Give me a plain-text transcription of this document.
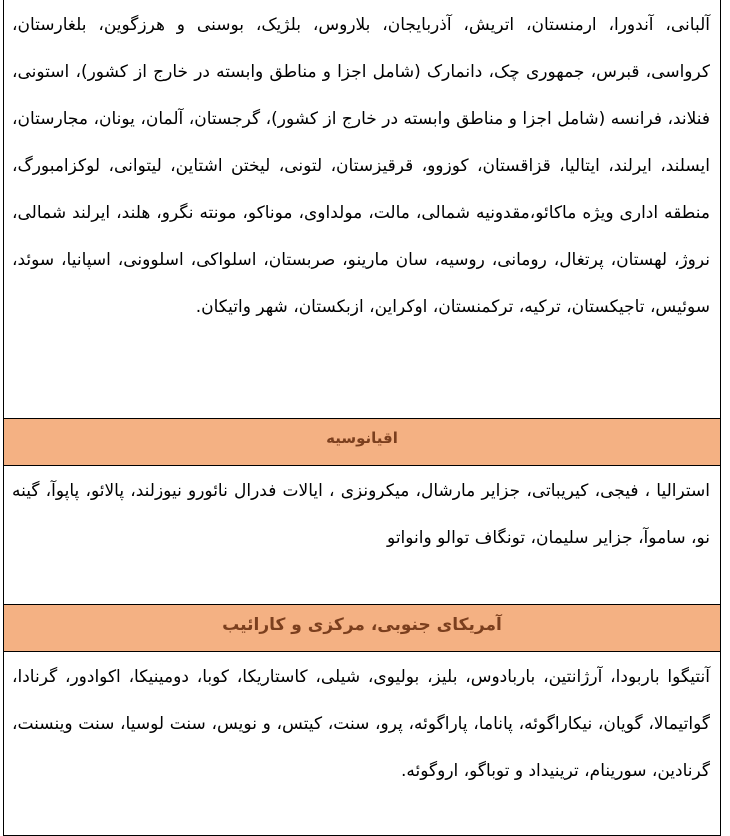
آلبانی، آندورا، ارمنستان، اتریش، آذربایجان، بلاروس، بلژیک، بوسنی و هرزگوین، بلغارستان، کرواسی، قبرس، جمهوری چک، دانمارک (شامل اجزا و مناطق وابسته در خارج از کشور)، استونی، فنلاند، فرانسه (شامل اجزا و مناطق وابسته در خارج از کشور)، گرجستان، آلمان، یونان، مجارستان، ایسلند، ایرلند، ایتالیا، قزاقستان، کوزوو، قرقیزستان، لتونی، لیختن اشتاین، لیتوانی، لوکزامبورگ، منطقه اداری ویژه ماکائو،مقدونیه شمالی، مالت، مولداوی، موناکو، مونته نگرو، هلند، ایرلند شمالی، نروژ، لهستان، پرتغال، رومانی، روسیه، سان مارینو، صربستان، اسلواکی، اسلوونی، اسپانیا، سوئد، سوئیس، تاجیکستان، ترکیه، ترکمنستان، اوکراین، ازبکستان، شهر واتیکان.
اقیانوسیه
استرالیا ، فیجی، کیریباتی، جزایر مارشال، میکرونزی ، ایالات فدرال نائورو نیوزلند، پالائو، پاپوآ، گینه نو، ساموآ، جزایر سلیمان، تونگاف توالو وانواتو
آمریکای جنوبی، مرکزی و کارائیب
آنتیگوا باربودا، آرژانتین، باربادوس، بلیز، بولیوی، شیلی، کاستاریکا، کوبا، دومینیکا، اکوادور، گرنادا، گواتیمالا، گویان، نیکاراگوئه، پاناما، پاراگوئه، پرو، سنت، کیتس، و نویس، سنت لوسیا، سنت وینسنت، گرنادین، سورینام، ترینیداد و توباگو، اروگوئه.
